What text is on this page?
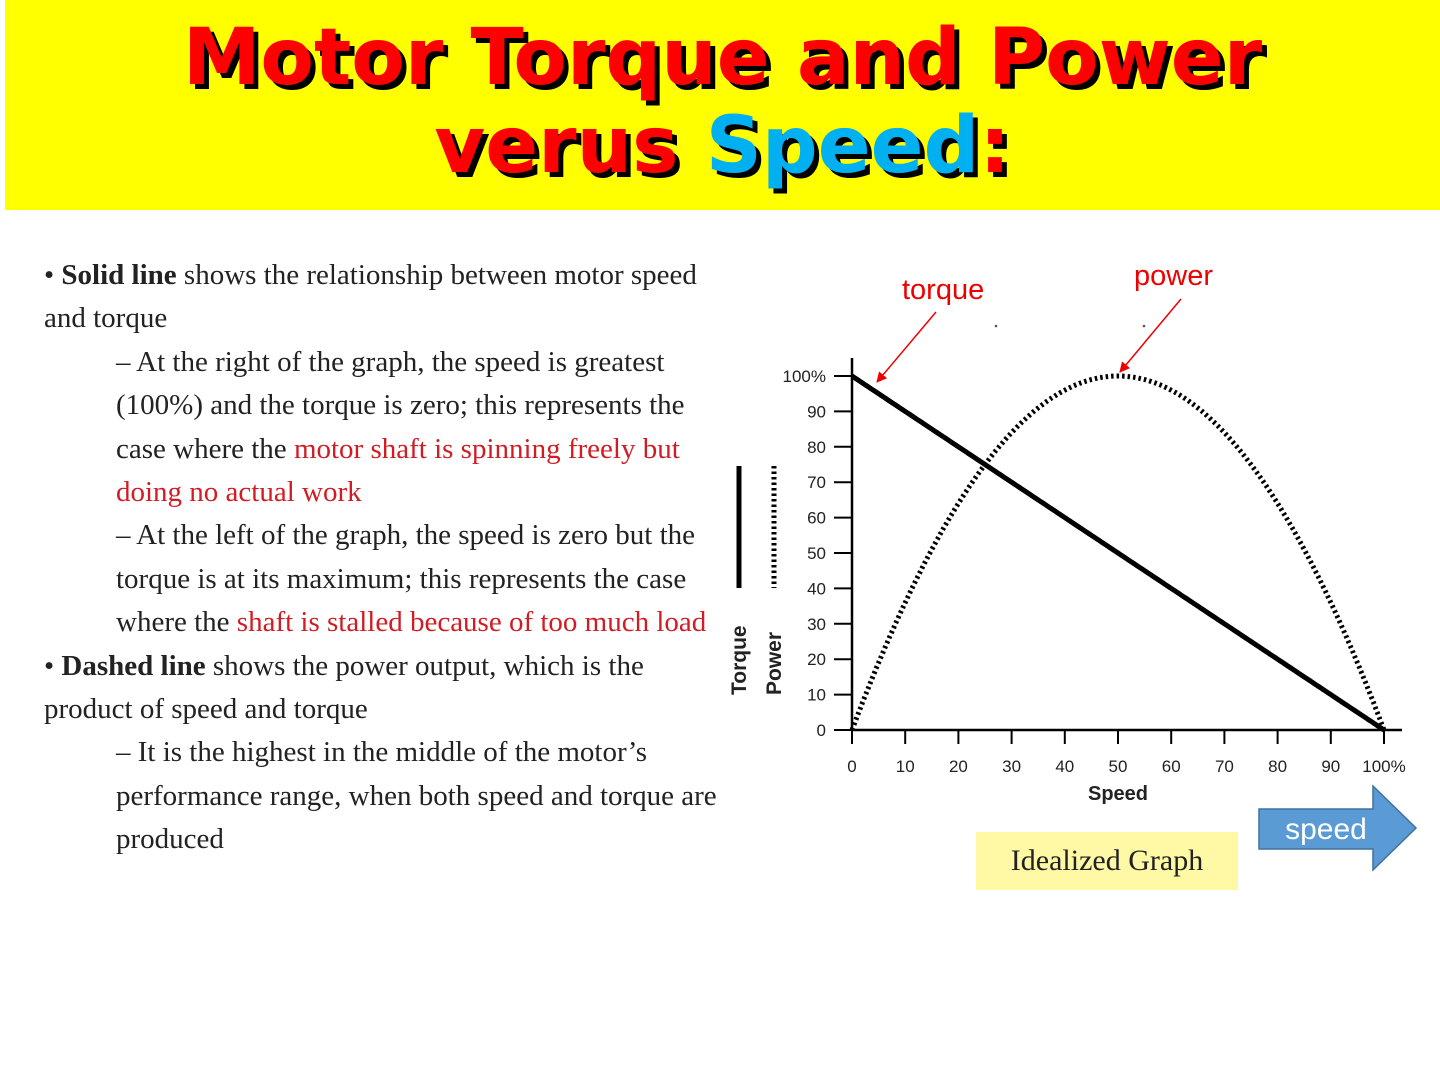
Motor Torque and Power
verus Speed:

• Solid line shows the relationship between motor speed and torque

– At the right of the graph, the speed is greatest (100%) and the torque is zero; this represents the case where the motor shaft is spinning freely but doing no actual work

– At the left of the graph, the speed is zero but the torque is at its maximum; this represents the case where the shaft is stalled because of too much load

• Dashed line shows the power output, which is the product of speed and torque

– It is the highest in the middle of the motor’s performance range, when both speed and torque are produced

0 10 20 30 40 50 60 70 80 90 100%
0
10
20
30
40
50
60
70
80
90
100%
Speed
Torque Power
torque	power
Idealized Graph
speed
